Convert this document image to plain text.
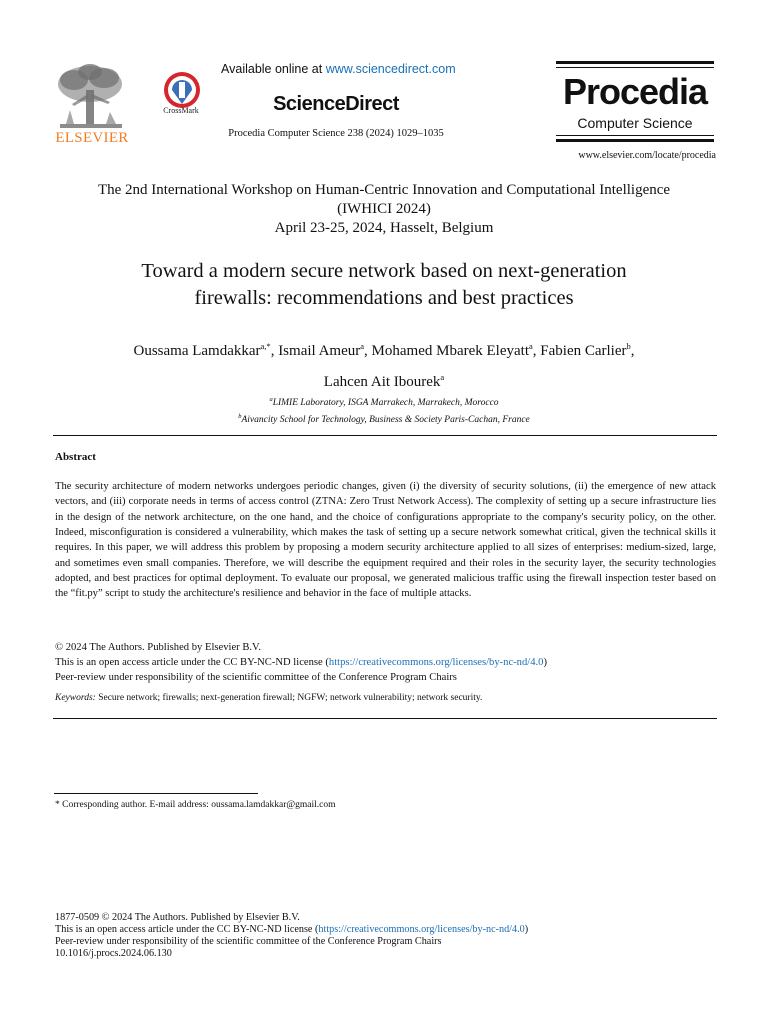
ELSEVIER
CrossMark
Available online at www.sciencedirect.com
ScienceDirect
Procedia Computer Science 238 (2024) 1029–1035
Procedia
Computer Science
www.elsevier.com/locate/procedia
The 2nd International Workshop on Human-Centric Innovation and Computational Intelligence
(IWHICI 2024)
April 23-25, 2024, Hasselt, Belgium
Toward a modern secure network based on next-generation
firewalls: recommendations and best practices
Oussama Lamdakkar$^{a,*}$, Ismail Ameur$^a$, Mohamed Mbarek Eleyatt$^a$, Fabien Carlier$^b$,
Lahcen Ait Ibourek$^a$
$^a$LIMIE Laboratory, ISGA Marrakech, Marrakech, Morocco
$^b$Aivancity School for Technology, Business & Society Paris-Cachan, France
Abstract
The security architecture of modern networks undergoes periodic changes, given (i) the diversity of security solutions, (ii) the emergence of new attack vectors, and (iii) corporate needs in terms of access control (ZTNA: Zero Trust Network Access). The complexity of setting up a secure infrastructure lies in the design of the network architecture, on the one hand, and the choice of configurations appropriate to the company's security policy, on the other. Indeed, misconfiguration is considered a vulnerability, which makes the task of setting up a secure network somewhat critical, given the technical skills it requires. In this paper, we will address this problem by proposing a modern security architecture applied to all sizes of enterprises: medium-sized, large, and sometimes even small companies. Therefore, we will describe the equipment required and their roles in the security layer, the security technologies adopted, and best practices for optimal deployment. To evaluate our proposal, we generated malicious traffic using the firewall inspection tester based on the “fit.py” script to study the architecture's resilience and behavior in the face of multiple attacks.
© 2024 The Authors. Published by Elsevier B.V.
This is an open access article under the CC BY-NC-ND license (https://creativecommons.org/licenses/by-nc-nd/4.0)
Peer-review under responsibility of the scientific committee of the Conference Program Chairs
Keywords: Secure network; firewalls; next-generation firewall; NGFW; network vulnerability; network security.
* Corresponding author. E-mail address: oussama.lamdakkar@gmail.com
1877-0509 © 2024 The Authors. Published by Elsevier B.V.
This is an open access article under the CC BY-NC-ND license (https://creativecommons.org/licenses/by-nc-nd/4.0)
Peer-review under responsibility of the scientific committee of the Conference Program Chairs
10.1016/j.procs.2024.06.130
